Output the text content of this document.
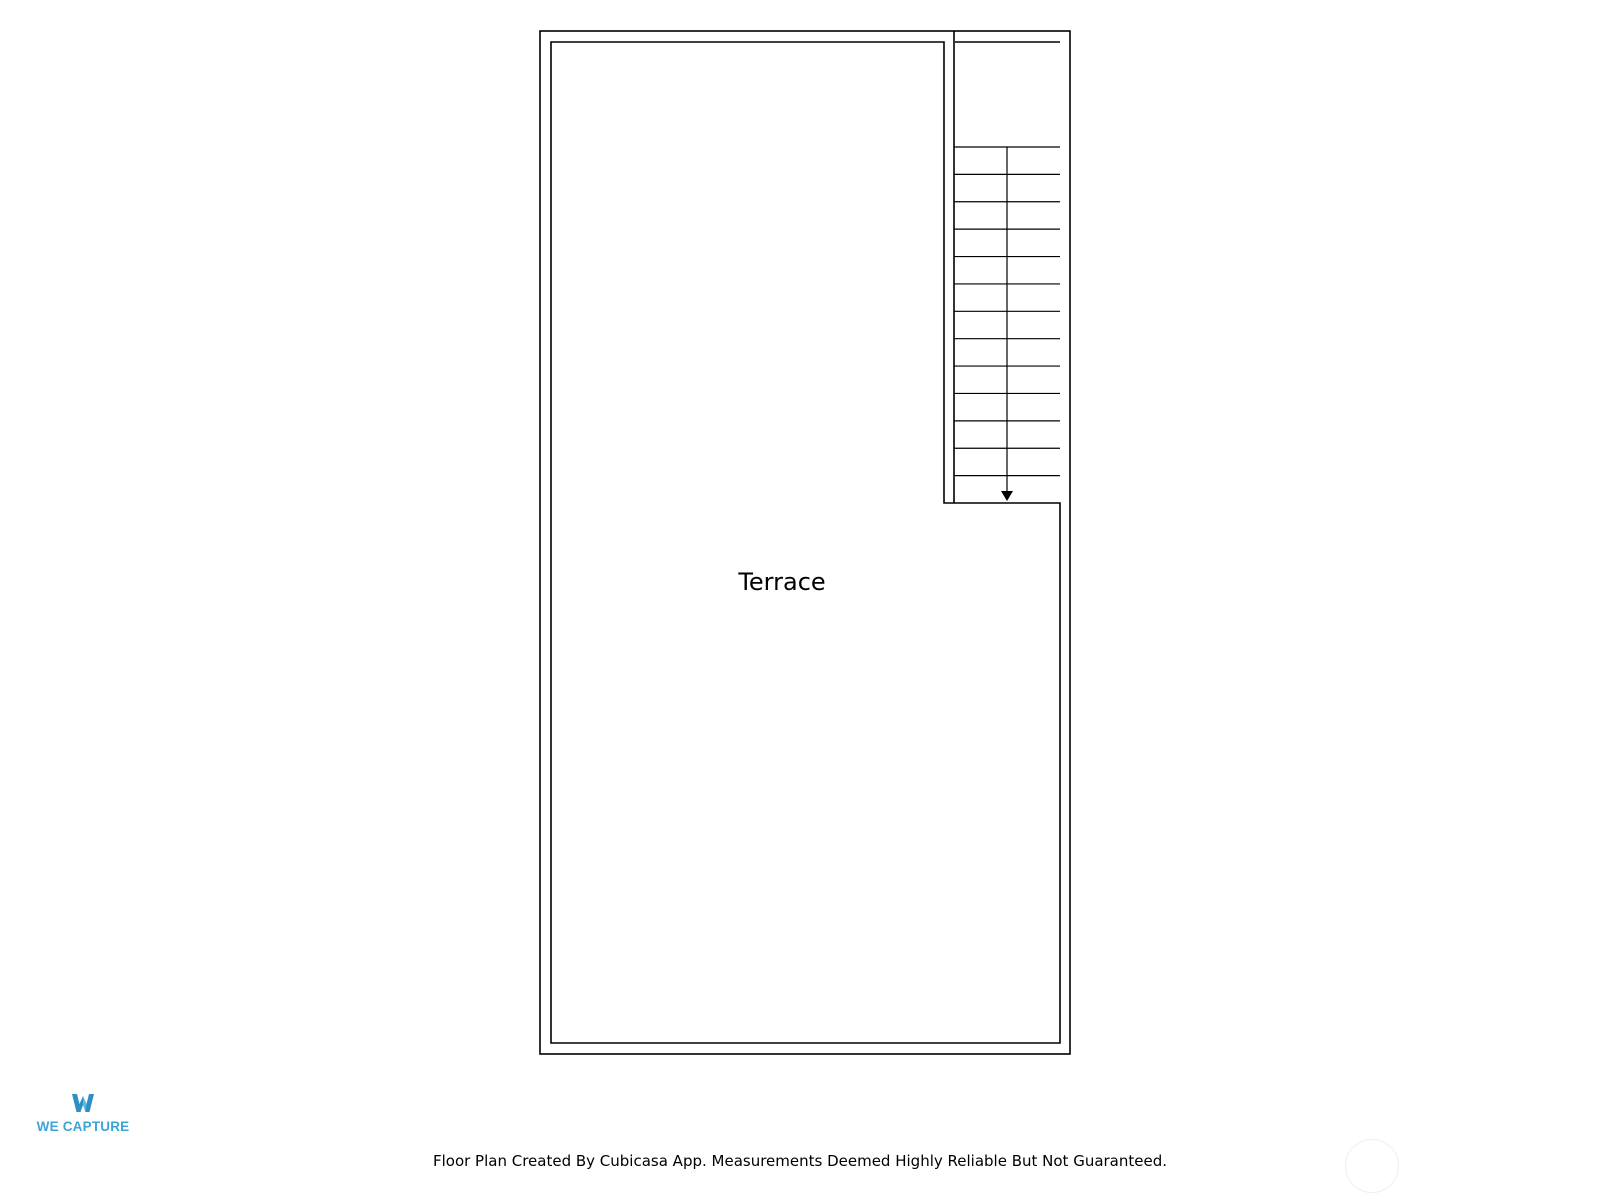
Terrace
WE CAPTURE
Floor Plan Created By Cubicasa App. Measurements Deemed Highly Reliable But Not Guaranteed.
